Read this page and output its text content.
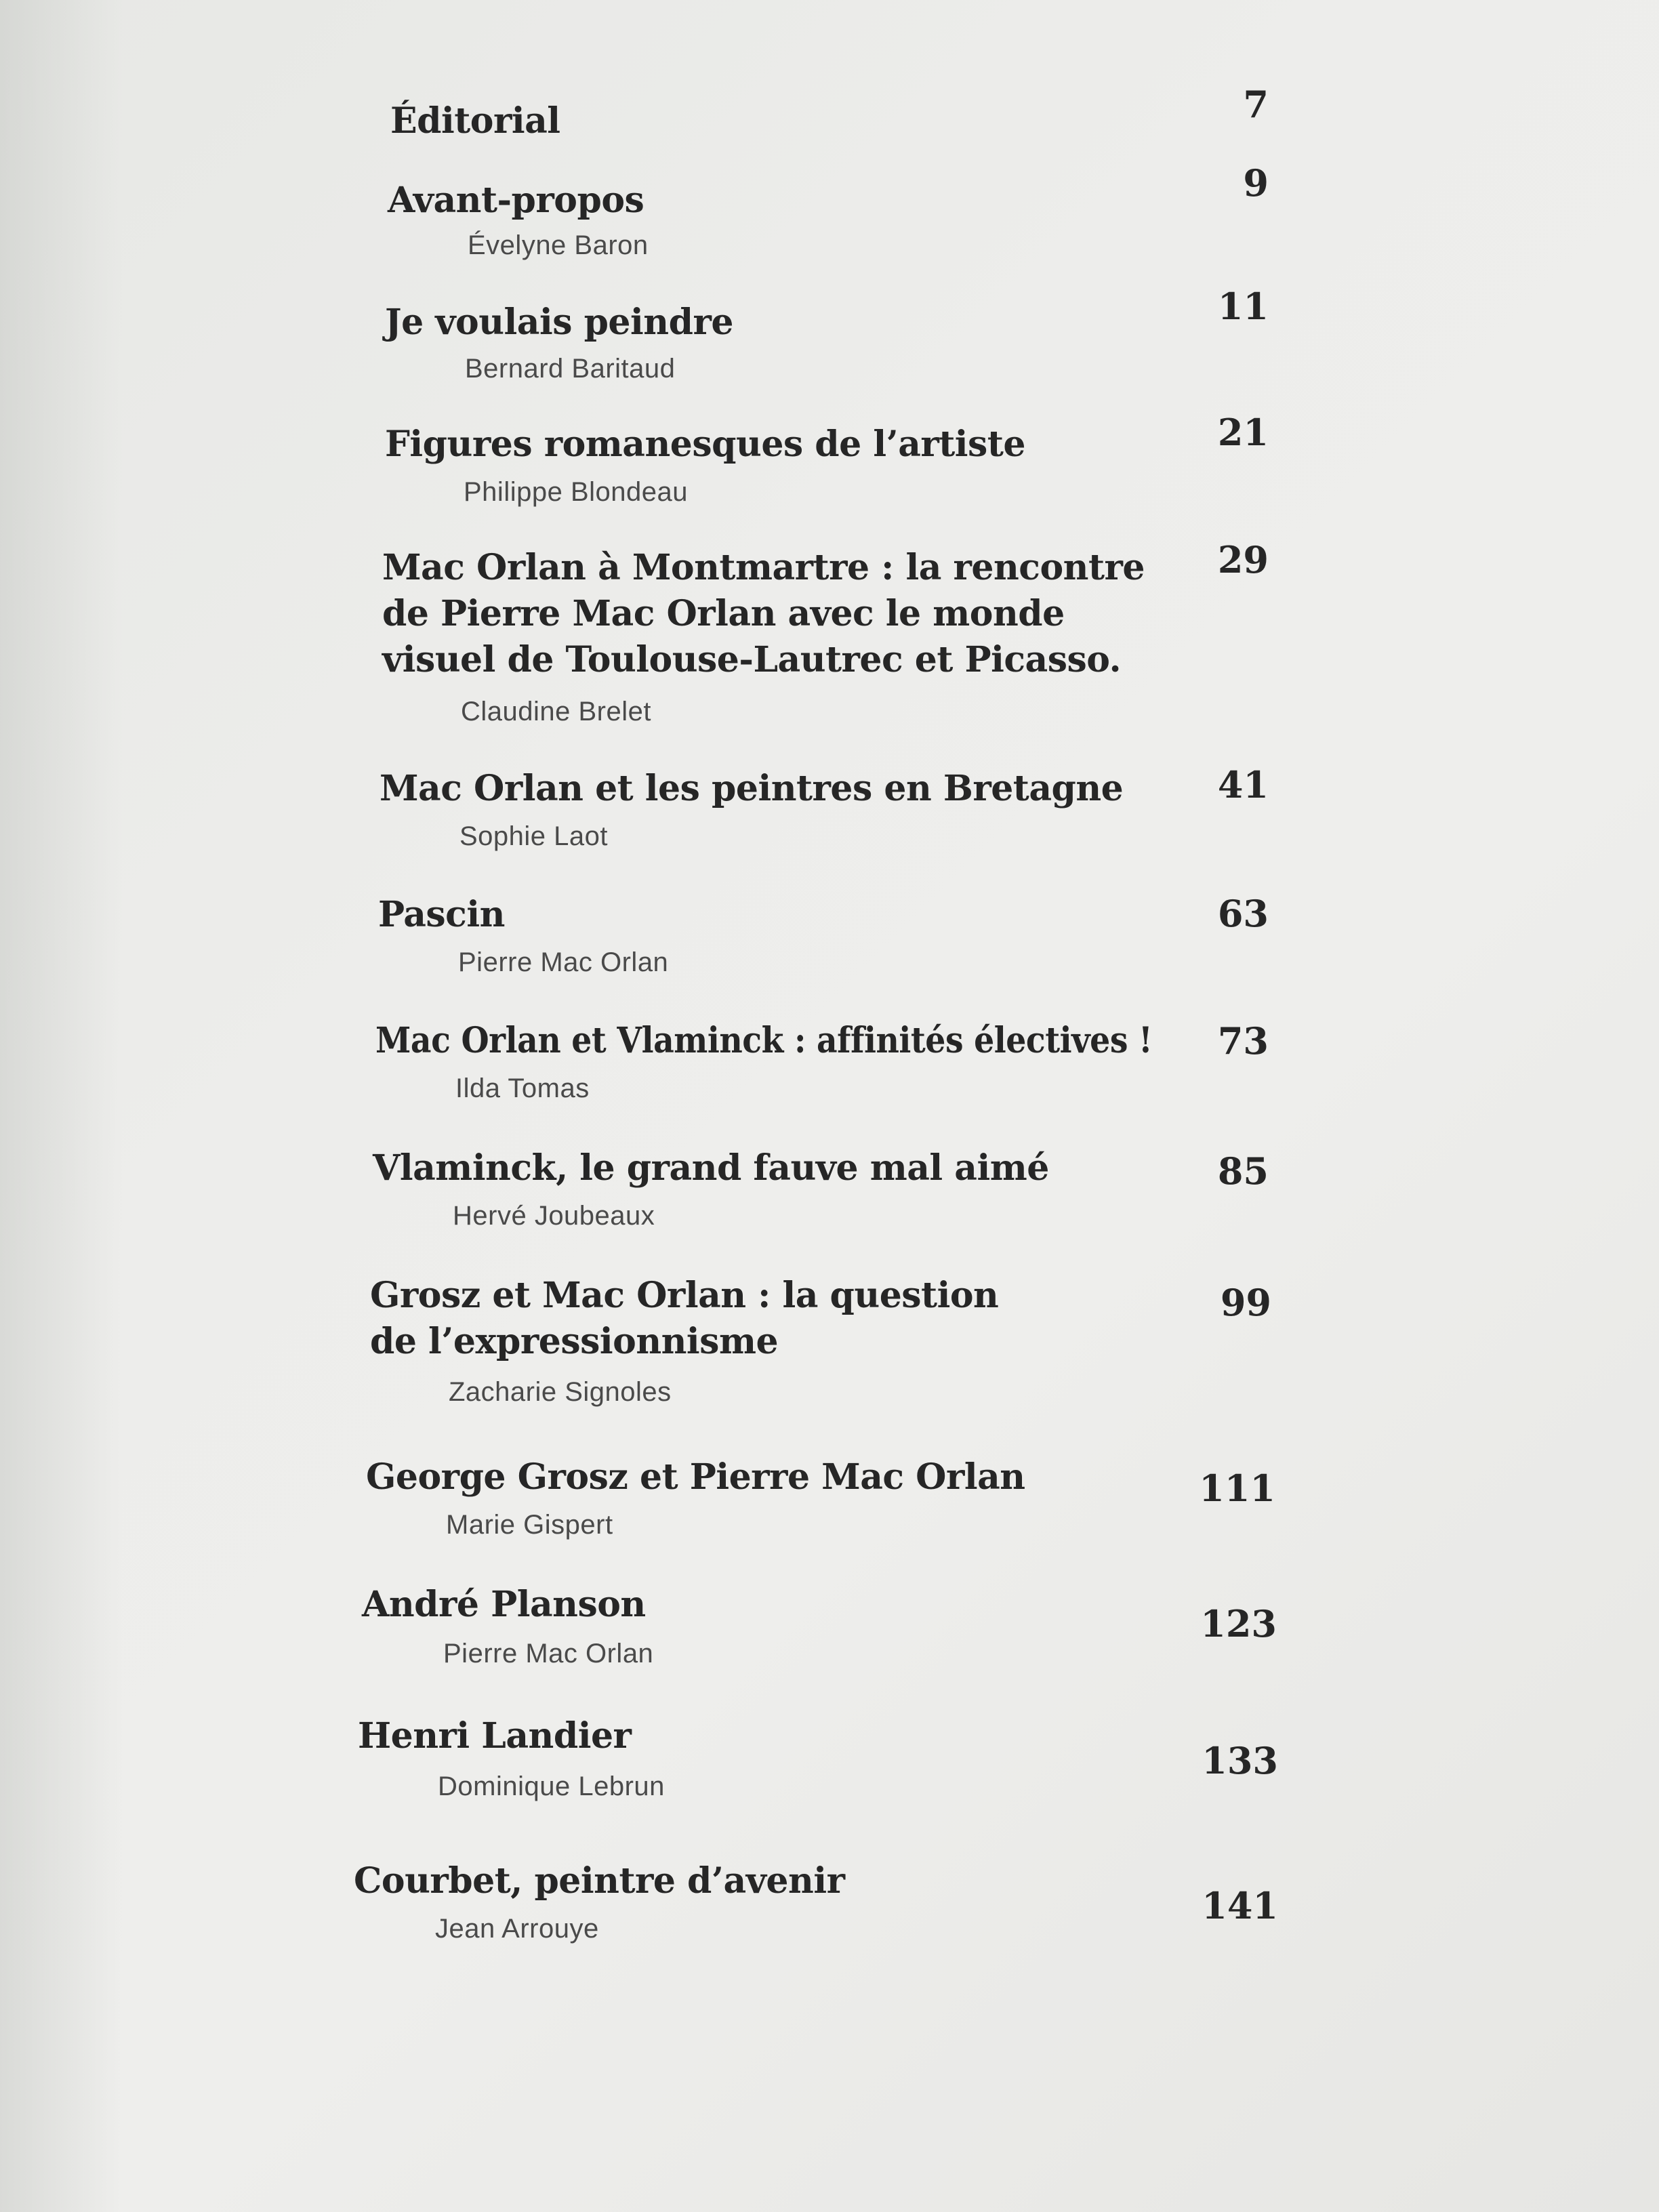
Éditorial	7

Avant-propos

Évelyne Baron

9

Je voulais peindre

Bernard Baritaud

11

Figures romanesques de l’artiste

Philippe Blondeau

21

Mac Orlan à Montmartre : la rencontre

de Pierre Mac Orlan avec le monde

visuel de Toulouse-Lautrec et Picasso.

Claudine Brelet

29

Mac Orlan et les peintres en Bretagne

Sophie Laot

41

Pascin

Pierre Mac Orlan

63

Mac Orlan et Vlaminck : affinités électives !

Ilda Tomas

73

Vlaminck, le grand fauve mal aimé

Hervé Joubeaux

85

Grosz et Mac Orlan : la question

de l’expressionnisme

Zacharie Signoles

99

George Grosz et Pierre Mac Orlan

Marie Gispert

111

André Planson

Pierre Mac Orlan

123

Henri Landier

Dominique Lebrun

133

Courbet, peintre d’avenir

Jean Arrouye

141
